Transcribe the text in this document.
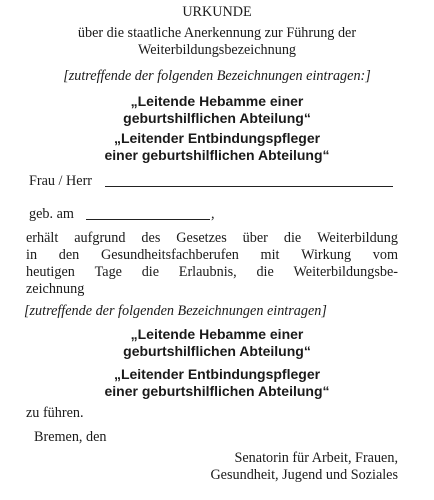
URKUNDE
über die staatliche Anerkennung zur Führung der
Weiterbildungsbezeichnung
[zutreffende der folgenden Bezeichnungen eintragen:]
„Leitende Hebamme einer
geburtshilflichen Abteilung“
„Leitender Entbindungspfleger
einer geburtshilflichen Abteilung“
Frau / Herr
geb. am	,
erhält aufgrund des Gesetzes über die Weiterbildung
in den Gesundheitsfachberufen mit Wirkung vom
heutigen Tage die Erlaubnis, die Weiterbildungsbe-
zeichnung
[zutreffende der folgenden Bezeichnungen eintragen]
„Leitende Hebamme einer
geburtshilflichen Abteilung“
„Leitender Entbindungspfleger
einer geburtshilflichen Abteilung“
zu führen.
Bremen, den
Senatorin für Arbeit, Frauen,
Gesundheit, Jugend und Soziales
